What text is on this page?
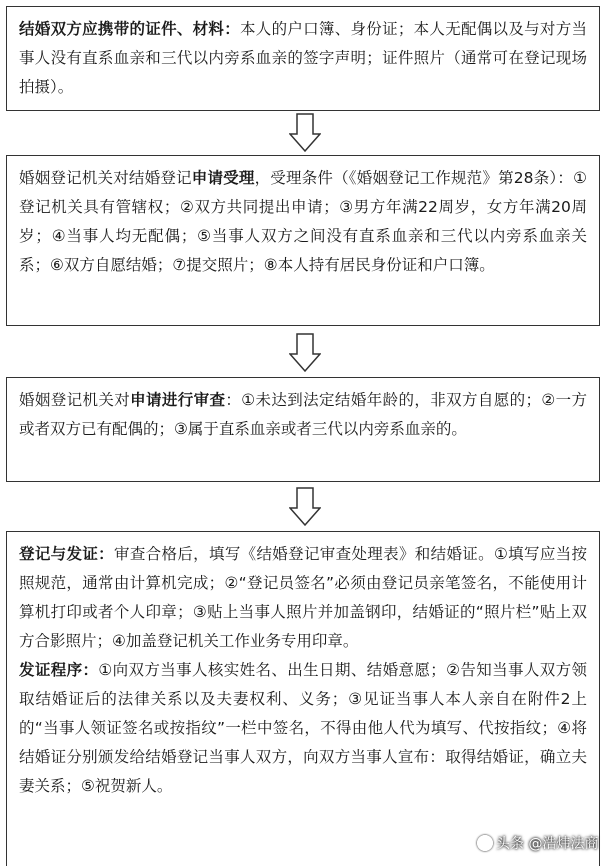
结婚双方应携带的证件、材料：本人的户口簿、身份证；本人无配偶以及与对方当事人没有直系血亲和三代以内旁系血亲的签字声明；证件照片（通常可在登记现场拍摄）。

婚姻登记机关对结婚登记申请受理，受理条件（《婚姻登记工作规范》第28条）：①登记机关具有管辖权；②双方共同提出申请；③男方年满22周岁，女方年满20周岁；④当事人均无配偶；⑤当事人双方之间没有直系血亲和三代以内旁系血亲关系；⑥双方自愿结婚；⑦提交照片；⑧本人持有居民身份证和户口簿。

婚姻登记机关对申请进行审查：①未达到法定结婚年龄的，非双方自愿的；②一方或者双方已有配偶的；③属于直系血亲或者三代以内旁系血亲的。

登记与发证：审查合格后，填写《结婚登记审查处理表》和结婚证。①填写应当按照规范，通常由计算机完成；②“登记员签名”必须由登记员亲笔签名，不能使用计算机打印或者个人印章；③贴上当事人照片并加盖钢印，结婚证的“照片栏”贴上双方合影照片；④加盖登记机关工作业务专用印章。

发证程序：①向双方当事人核实姓名、出生日期、结婚意愿；②告知当事人双方领取结婚证后的法律关系以及夫妻权利、义务；③见证当事人本人亲自在附件2上的“当事人领证签名或按指纹”一栏中签名，不得由他人代为填写、代按指纹；④将结婚证分别颁发给结婚登记当事人双方，向双方当事人宣布：取得结婚证，确立夫妻关系；⑤祝贺新人。

头条 @浩炜法商
